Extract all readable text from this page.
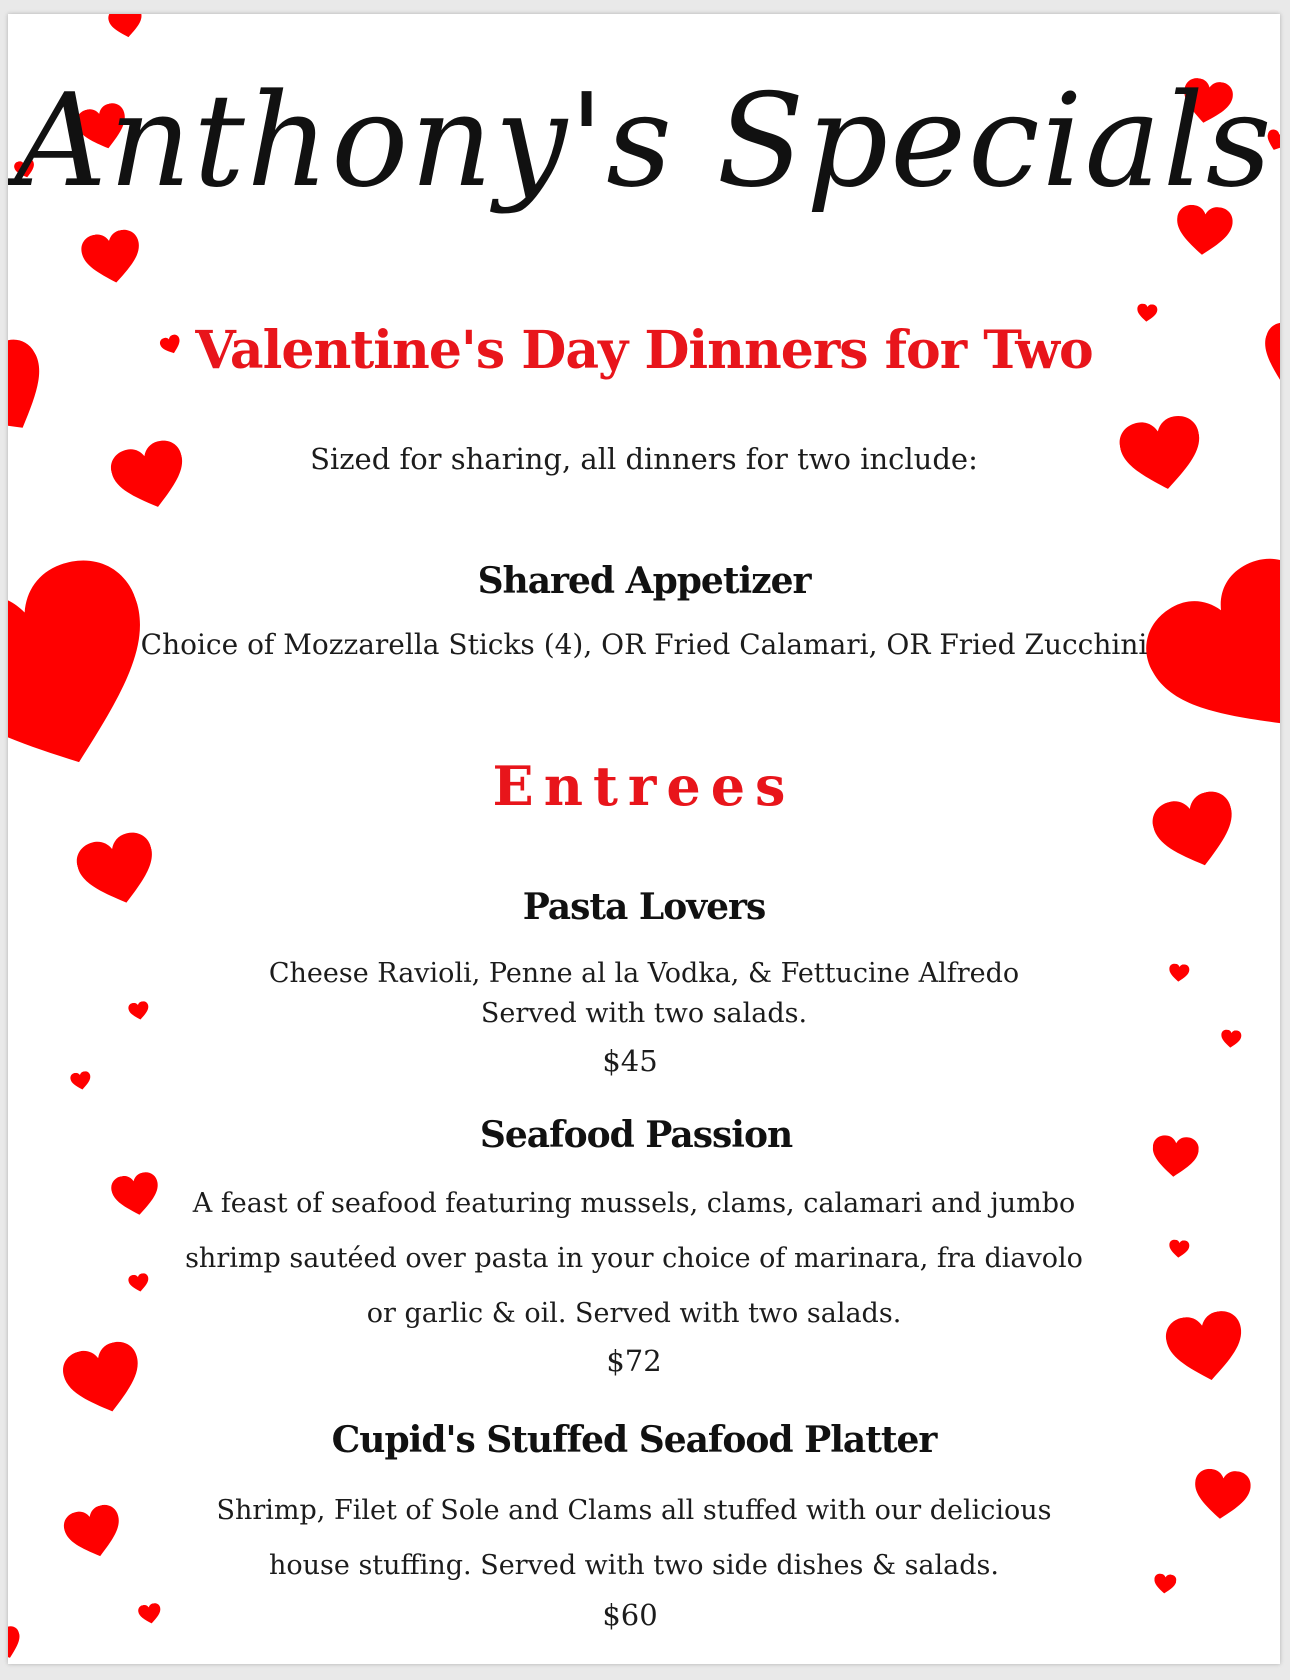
Anthony's Specials
Valentine's Day Dinners for Two
Sized for sharing, all dinners for two include:
Shared Appetizer
Choice of Mozzarella Sticks (4), OR Fried Calamari, OR Fried Zucchini
Entrees
Pasta Lovers
Cheese Ravioli, Penne al la Vodka, & Fettucine Alfredo
Served with two salads.
$45
Seafood Passion
A feast of seafood featuring mussels, clams, calamari and jumbo
shrimp sautéed over pasta in your choice of marinara, fra diavolo
or garlic & oil. Served with two salads.
$72
Cupid's Stuffed Seafood Platter
Shrimp, Filet of Sole and Clams all stuffed with our delicious
house stuffing. Served with two side dishes & salads.
$60
